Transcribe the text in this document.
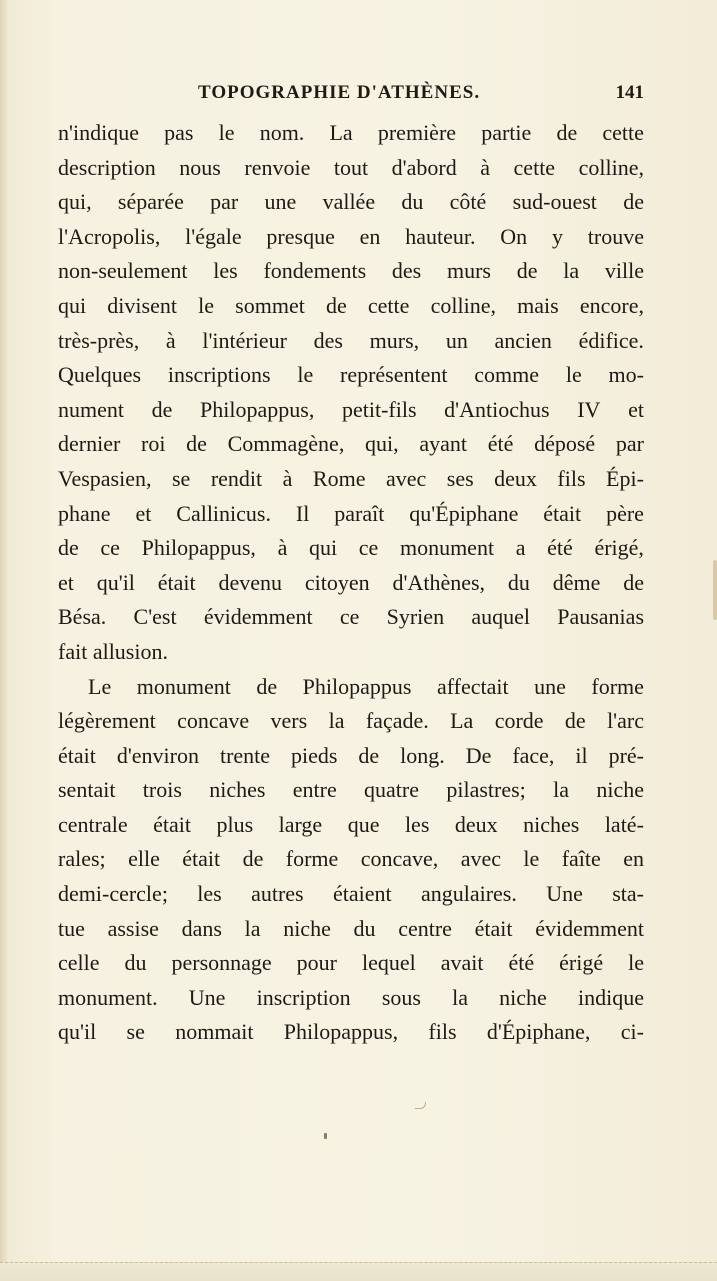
TOPOGRAPHIE D'ATHÈNES.	141
n'indique pas le nom. La première partie de cette
description nous renvoie tout d'abord à cette colline,
qui, séparée par une vallée du côté sud-ouest de
l'Acropolis, l'égale presque en hauteur. On y trouve
non-seulement les fondements des murs de la ville
qui divisent le sommet de cette colline, mais encore,
très-près, à l'intérieur des murs, un ancien édifice.
Quelques inscriptions le représentent comme le mo-
nument de Philopappus, petit-fils d'Antiochus IV et
dernier roi de Commagène, qui, ayant été déposé par
Vespasien, se rendit à Rome avec ses deux fils Épi-
phane et Callinicus. Il paraît qu'Épiphane était père
de ce Philopappus, à qui ce monument a été érigé,
et qu'il était devenu citoyen d'Athènes, du dême de
Bésa. C'est évidemment ce Syrien auquel Pausanias
fait allusion.
Le monument de Philopappus affectait une forme
légèrement concave vers la façade. La corde de l'arc
était d'environ trente pieds de long. De face, il pré-
sentait trois niches entre quatre pilastres; la niche
centrale était plus large que les deux niches laté-
rales; elle était de forme concave, avec le faîte en
demi-cercle; les autres étaient angulaires. Une sta-
tue assise dans la niche du centre était évidemment
celle du personnage pour lequel avait été érigé le
monument. Une inscription sous la niche indique
qu'il se nommait Philopappus, fils d'Épiphane, ci-
